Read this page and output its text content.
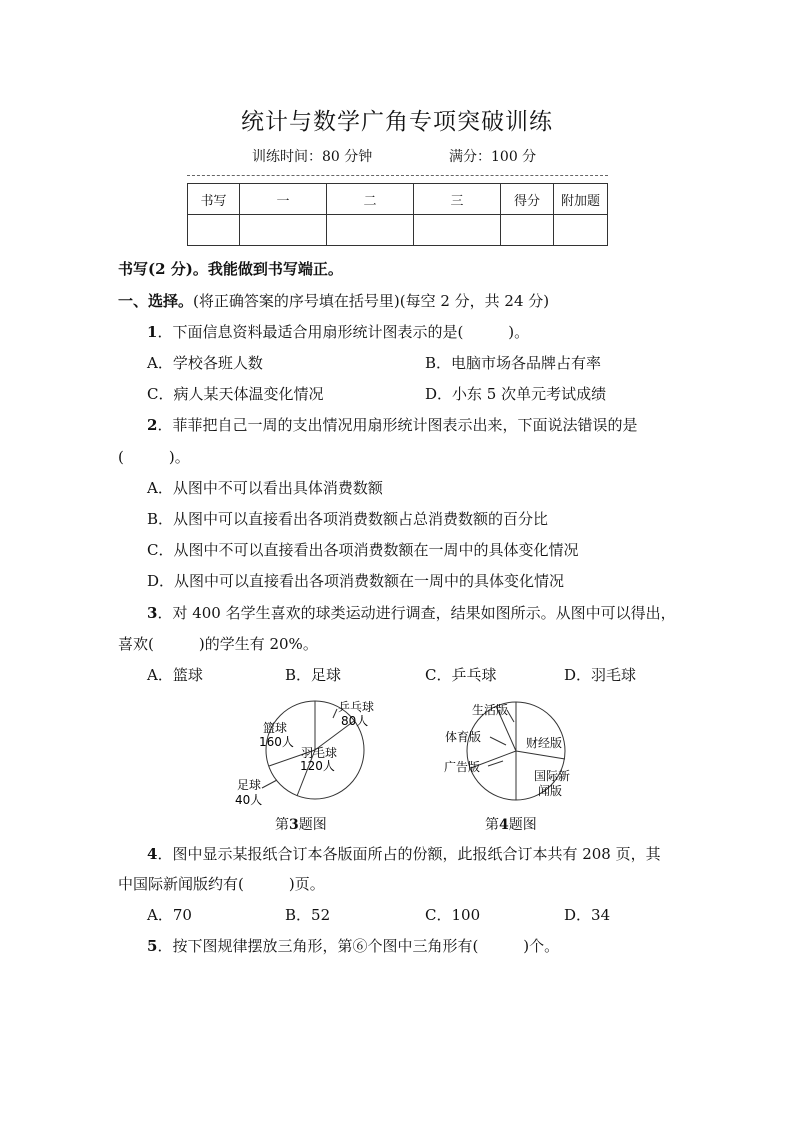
统计与数学广角专项突破训练
训练时间：80 分钟	满分：100 分
书写	一	二	三	得分	附加题

书写(2 分)。我能做到书写端正。
一、选择。(将正确答案的序号填在括号里)(每空 2 分，共 24 分)
1．下面信息资料最适合用扇形统计图表示的是(　　　)。
A．学校各班人数	B．电脑市场各品牌占有率
C．病人某天体温变化情况	D．小东 5 次单元考试成绩
2．菲菲把自己一周的支出情况用扇形统计图表示出来，下面说法错误的是
(　　　)。
A．从图中不可以看出具体消费数额
B．从图中可以直接看出各项消费数额占总消费数额的百分比
C．从图中不可以直接看出各项消费数额在一周中的具体变化情况
D．从图中可以直接看出各项消费数额在一周中的具体变化情况
3．对 400 名学生喜欢的球类运动进行调查，结果如图所示。从图中可以得出，
喜欢(　　　)的学生有 20%。
A．篮球	B．足球	C．乒乓球	D．羽毛球
篮球
160人
乒乓球
80人
羽毛球
120人
足球
40人
第3题图
生活版
体育版
广告版
财经版
国际新
闻版
第4题图
4．图中显示某报纸合订本各版面所占的份额，此报纸合订本共有 208 页，其
中国际新闻版约有(　　　)页。
A．70	B．52	C．100	D．34
5．按下图规律摆放三角形，第⑥个图中三角形有(　　　)个。
